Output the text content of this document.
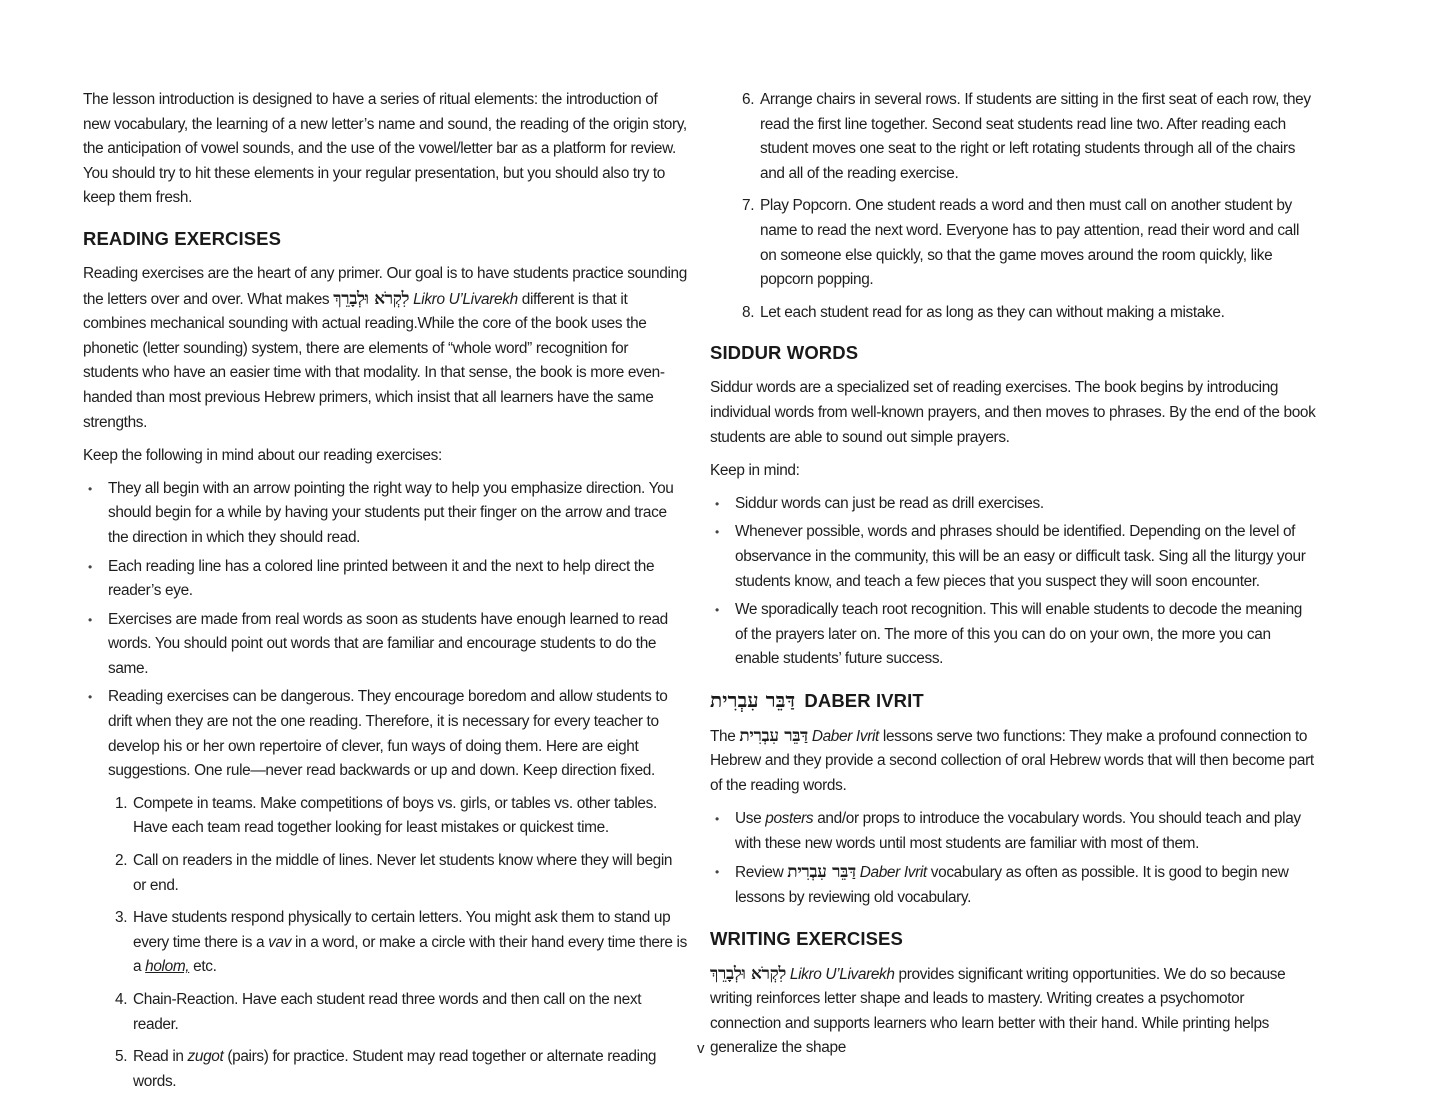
The lesson introduction is designed to have a series of ritual elements: the introduction of new vocabulary, the learning of a new letter’s name and sound, the reading of the origin story, the anticipation of vowel sounds, and the use of the vowel/letter bar as a platform for review. You should try to hit these elements in your regular presentation, but you should also try to keep them fresh.

READING EXERCISES

Reading exercises are the heart of any primer. Our goal is to have students practice sounding the letters over and over. What makes לִקְרֹא וּלְבָרֵךְ Likro U’Livarekh different is that it combines mechanical sounding with actual reading.While the core of the book uses the phonetic (letter sounding) system, there are elements of “whole word” recognition for students who have an easier time with that modality. In that sense, the book is more even-handed than most previous Hebrew primers, which insist that all learners have the same strengths.

Keep the following in mind about our reading exercises:

• They all begin with an arrow pointing the right way to help you emphasize direction. You should begin for a while by having your students put their finger on the arrow and trace the direction in which they should read.
• Each reading line has a colored line printed between it and the next to help direct the reader’s eye.
• Exercises are made from real words as soon as students have enough learned to read words. You should point out words that are familiar and encourage students to do the same.
• Reading exercises can be dangerous. They encourage boredom and allow students to drift when they are not the one reading. Therefore, it is necessary for every teacher to develop his or her own repertoire of clever, fun ways of doing them. Here are eight suggestions. One rule—never read backwards or up and down. Keep direction fixed.
1. Compete in teams. Make competitions of boys vs. girls, or tables vs. other tables. Have each team read together looking for least mistakes or quickest time.
2. Call on readers in the middle of lines. Never let students know where they will begin or end.
3. Have students respond physically to certain letters. You might ask them to stand up every time there is a vav in a word, or make a circle with their hand every time there is a holom, etc.
4. Chain-Reaction. Have each student read three words and then call on the next reader.
5. Read in zugot (pairs) for practice. Student may read together or alternate reading words.
6. Arrange chairs in several rows. If students are sitting in the first seat of each row, they read the first line together. Second seat students read line two. After reading each student moves one seat to the right or left rotating students through all of the chairs and all of the reading exercise.
7. Play Popcorn. One student reads a word and then must call on another student by name to read the next word. Everyone has to pay attention, read their word and call on someone else quickly, so that the game moves around the room quickly, like popcorn popping.
8. Let each student read for as long as they can without making a mistake.
SIDDUR WORDS

Siddur words are a specialized set of reading exercises. The book begins by introducing individual words from well-known prayers, and then moves to phrases. By the end of the book students are able to sound out simple prayers.

Keep in mind:

• Siddur words can just be read as drill exercises.
• Whenever possible, words and phrases should be identified. Depending on the level of observance in the community, this will be an easy or difficult task. Sing all the liturgy your students know, and teach a few pieces that you suspect they will soon encounter.
• We sporadically teach root recognition. This will enable students to decode the meaning of the prayers later on. The more of this you can do on your own, the more you can enable students’ future success.
דַּבֵּר עִבְרִית DABER IVRIT

The דַּבֵּר עִבְרִית Daber Ivrit lessons serve two functions: They make a profound connection to Hebrew and they provide a second collection of oral Hebrew words that will then become part of the reading words.

• Use posters and/or props to introduce the vocabulary words. You should teach and play with these new words until most students are familiar with most of them.
• Review דַּבֵּר עִבְרִית Daber Ivrit vocabulary as often as possible. It is good to begin new lessons by reviewing old vocabulary.
WRITING EXERCISES

לִקְרֹא וּלְבָרֵךְ Likro U’Livarekh provides significant writing opportunities. We do so because writing reinforces letter shape and leads to mastery. Writing creates a psychomotor connection and supports learners who learn better with their hand. While printing helps generalize the shape

v
